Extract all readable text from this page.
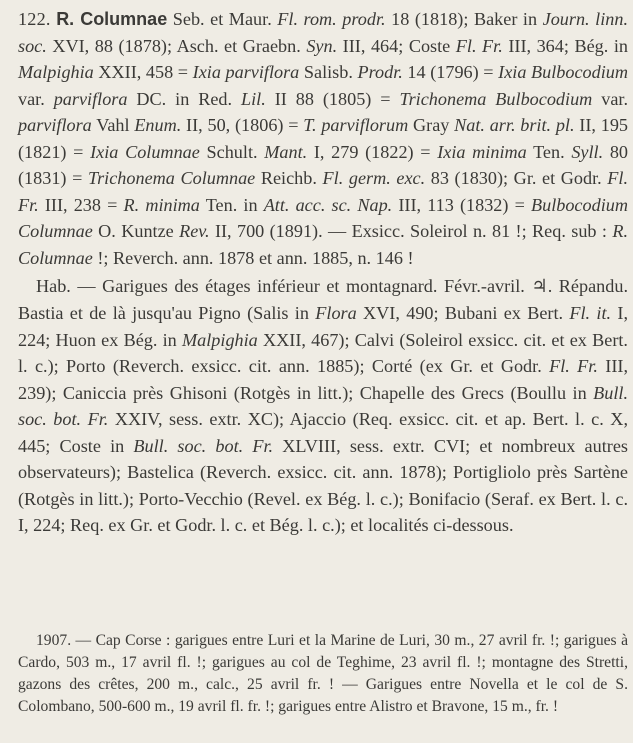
122. R. Columnae Seb. et Maur. Fl. rom. prodr. 18 (1818); Baker in Journ. linn. soc. XVI, 88 (1878); Asch. et Graebn. Syn. III, 464; Coste Fl. Fr. III, 364; Bég. in Malpighia XXII, 458 = Ixia parviflora Salisb. Prodr. 14 (1796) = Ixia Bulbocodium var. parviflora DC. in Red. Lil. II 88 (1805) = Trichonema Bulbocodium var. parviflora Vahl Enum. II, 50, (1806) = T. parviflorum Gray Nat. arr. brit. pl. II, 195 (1821) = Ixia Columnae Schult. Mant. I, 279 (1822) = Ixia minima Ten. Syll. 80 (1831) = Trichonema Columnae Reichb. Fl. germ. exc. 83 (1830); Gr. et Godr. Fl. Fr. III, 238 = R. minima Ten. in Att. acc. sc. Nap. III, 113 (1832) = Bulbocodium Columnae O. Kuntze Rev. II, 700 (1891). — Exsicc. Soleirol n. 81 !; Req. sub : R. Columnae !; Reverch. ann. 1878 et ann. 1885, n. 146 !

Hab. — Garigues des étages inférieur et montagnard. Févr.-avril. ♃. Répandu. Bastia et de là jusqu'au Pigno (Salis in Flora XVI, 490; Bubani ex Bert. Fl. it. I, 224; Huon ex Bég. in Malpighia XXII, 467); Calvi (Soleirol exsicc. cit. et ex Bert. l. c.); Porto (Reverch. exsicc. cit. ann. 1885); Corté (ex Gr. et Godr. Fl. Fr. III, 239); Caniccia près Ghisoni (Rotgès in litt.); Chapelle des Grecs (Boullu in Bull. soc. bot. Fr. XXIV, sess. extr. XC); Ajaccio (Req. exsicc. cit. et ap. Bert. l. c. X, 445; Coste in Bull. soc. bot. Fr. XLVIII, sess. extr. CVI; et nombreux autres observateurs); Bastelica (Reverch. exsicc. cit. ann. 1878); Portigliolo près Sartène (Rotgès in litt.); Porto-Vecchio (Revel. ex Bég. l. c.); Bonifacio (Seraf. ex Bert. l. c. I, 224; Req. ex Gr. et Godr. l. c. et Bég. l. c.); et localités ci-dessous.

1907. — Cap Corse : garigues entre Luri et la Marine de Luri, 30 m., 27 avril fr. !; garigues à Cardo, 503 m., 17 avril fl. !; garigues au col de Teghime, 23 avril fl. !; montagne des Stretti, gazons des crêtes, 200 m., calc., 25 avril fr. ! — Garigues entre Novella et le col de S. Colombano, 500-600 m., 19 avril fl. fr. !; garigues entre Alistro et Bravone, 15 m., fr. !
